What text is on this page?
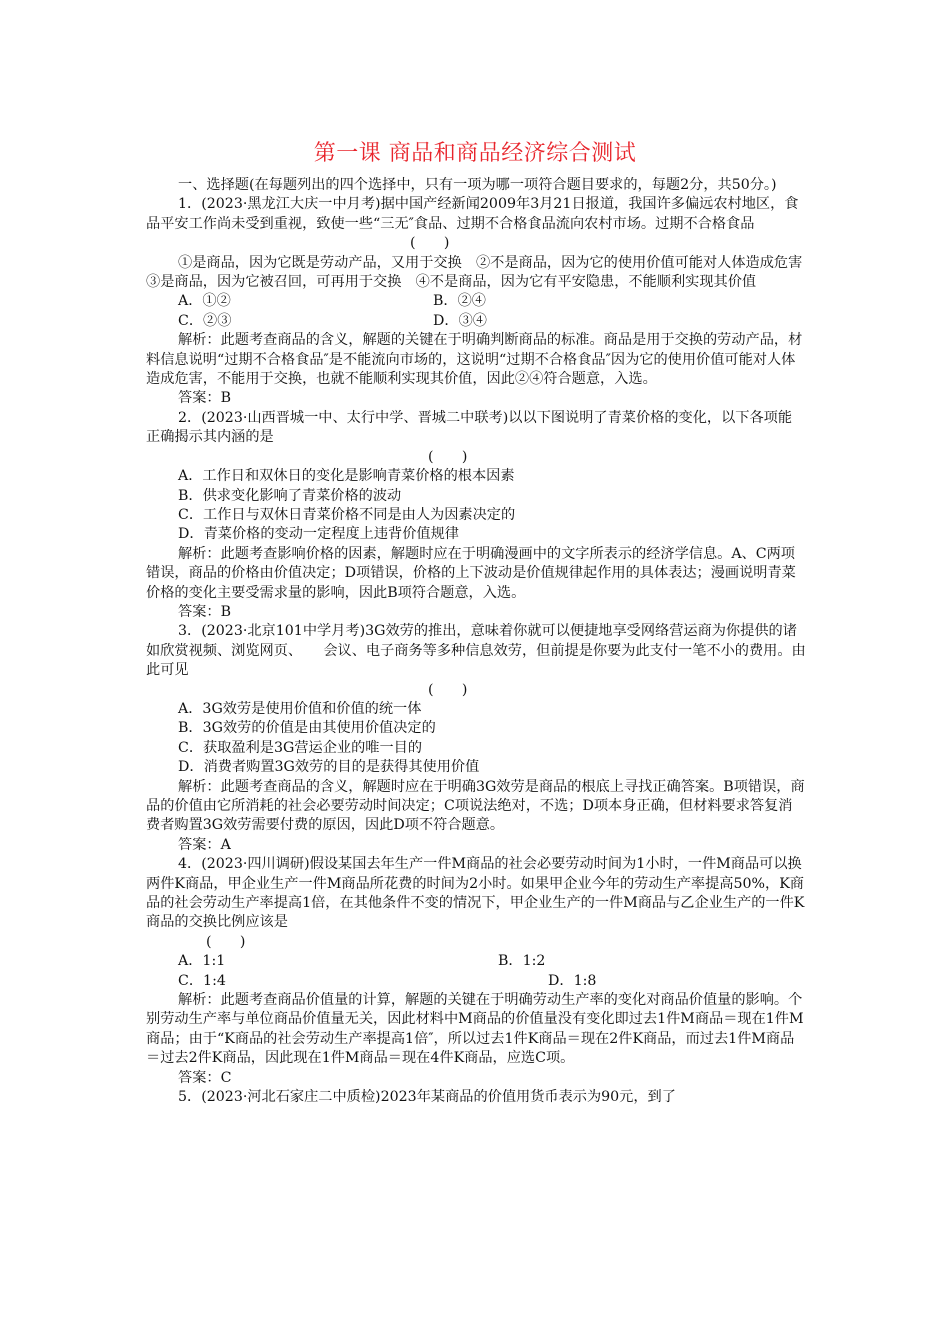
第一课 商品和商品经济综合测试

一、选择题(在每题列出的四个选择中，只有一项为哪一项符合题目要求的，每题2分，共50分。)

1．(2023·黑龙江大庆一中月考)据中国产经新闻2009年3月21日报道，我国许多偏远农村地区，食品平安工作尚未受到重视，致使一些“三无″食品、过期不合格食品流向农村市场。过期不合格食品

(　　)

①是商品，因为它既是劳动产品，又用于交换　②不是商品，因为它的使用价值可能对人体造成危害　③是商品，因为它被召回，可再用于交换　④不是商品，因为它有平安隐患，不能顺利实现其价值

A．①②	B．②④
C．②③	D．③④

解析：此题考查商品的含义，解题的关键在于明确判断商品的标准。商品是用于交换的劳动产品，材料信息说明“过期不合格食品″是不能流向市场的，这说明“过期不合格食品″因为它的使用价值可能对人体造成危害，不能用于交换，也就不能顺利实现其价值，因此②④符合题意，入选。

答案：B

2．(2023·山西晋城一中、太行中学、晋城二中联考)以以下图说明了青菜价格的变化，以下各项能正确揭示其内涵的是

(　　)

A．工作日和双休日的变化是影响青菜价格的根本因素

B．供求变化影响了青菜价格的波动

C．工作日与双休日青菜价格不同是由人为因素决定的

D．青菜价格的变动一定程度上违背价值规律

解析：此题考查影响价格的因素，解题时应在于明确漫画中的文字所表示的经济学信息。A、C两项错误，商品的价格由价值决定；D项错误，价格的上下波动是价值规律起作用的具体表达；漫画说明青菜价格的变化主要受需求量的影响，因此B项符合题意，入选。

答案：B

3．(2023·北京101中学月考)3G效劳的推出，意味着你就可以便捷地享受网络营运商为你提供的诸如欣赏视频、浏览网页、　　会议、电子商务等多种信息效劳，但前提是你要为此支付一笔不小的费用。由此可见

(　　)

A．3G效劳是使用价值和价值的统一体

B．3G效劳的价值是由其使用价值决定的

C．获取盈利是3G营运企业的唯一目的

D．消费者购置3G效劳的目的是获得其使用价值

解析：此题考查商品的含义，解题时应在于明确3G效劳是商品的根底上寻找正确答案。B项错误，商品的价值由它所消耗的社会必要劳动时间决定；C项说法绝对，不选；D项本身正确，但材料要求答复消费者购置3G效劳需要付费的原因，因此D项不符合题意。

答案：A

4．(2023·四川调研)假设某国去年生产一件M商品的社会必要劳动时间为1小时，一件M商品可以换两件K商品，甲企业生产一件M商品所花费的时间为2小时。如果甲企业今年的劳动生产率提高50%，K商品的社会劳动生产率提高1倍，在其他条件不变的情况下，甲企业生产的一件M商品与乙企业生产的一件K商品的交换比例应该是

(　　)

A．1:1	B．1:2
C．1:4	D．1:8

解析：此题考查商品价值量的计算，解题的关键在于明确劳动生产率的变化对商品价值量的影响。个别劳动生产率与单位商品价值量无关，因此材料中M商品的价值量没有变化即过去1件M商品＝现在1件M商品；由于“K商品的社会劳动生产率提高1倍″，所以过去1件K商品＝现在2件K商品，而过去1件M商品＝过去2件K商品，因此现在1件M商品＝现在4件K商品，应选C项。

答案：C

5．(2023·河北石家庄二中质检)2023年某商品的价值用货币表示为90元，到了
